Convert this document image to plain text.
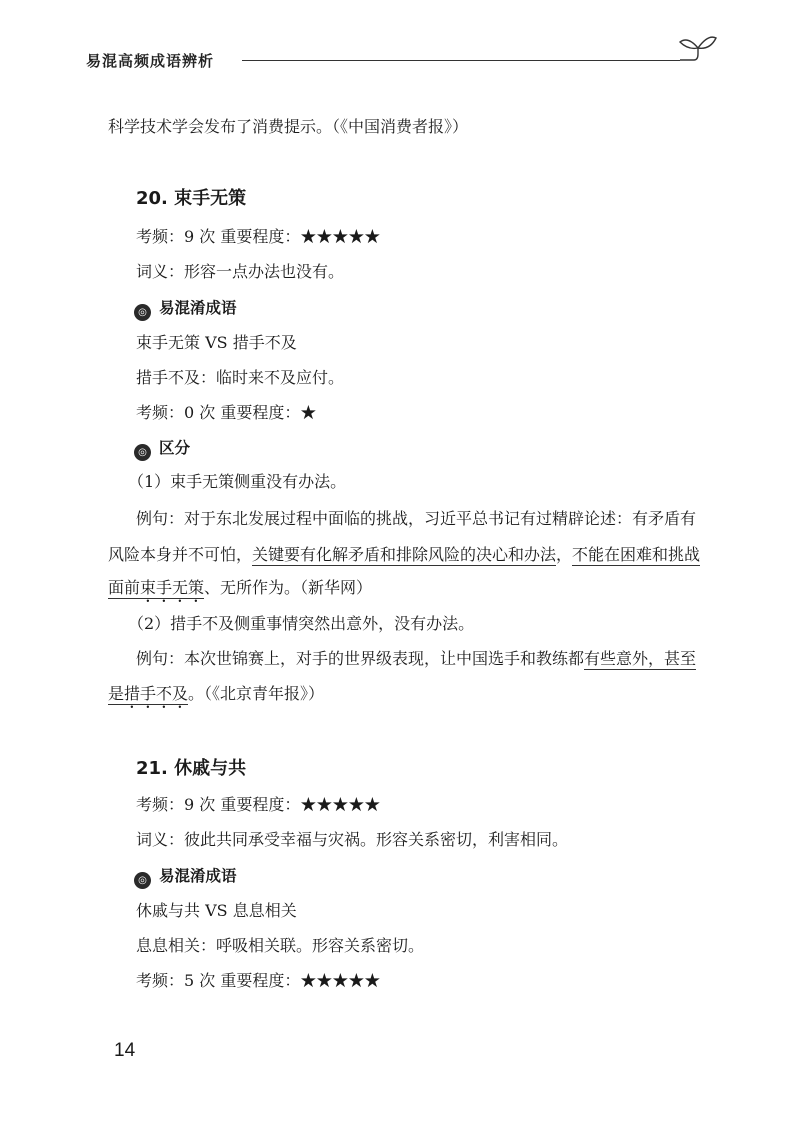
易混高频成语辨析
科学技术学会发布了消费提示。（《中国消费者报》）
20. 束手无策
考频：9 次 重要程度：★★★★★
词义：形容一点办法也没有。
◎ 易混淆成语
束手无策 VS 措手不及
措手不及：临时来不及应付。
考频：0 次 重要程度：★
◎ 区分
（1）束手无策侧重没有办法。
例句：对于东北发展过程中面临的挑战，习近平总书记有过精辟论述：有矛盾有
风险本身并不可怕，关键要有化解矛盾和排除风险的决心和办法，不能在困难和挑战
面前束手无策、无所作为。（新华网）
（2）措手不及侧重事情突然出意外，没有办法。
例句：本次世锦赛上，对手的世界级表现，让中国选手和教练都有些意外，甚至
是措手不及。（《北京青年报》）
21. 休戚与共
考频：9 次 重要程度：★★★★★
词义：彼此共同承受幸福与灾祸。形容关系密切，利害相同。
◎ 易混淆成语
休戚与共 VS 息息相关
息息相关：呼吸相关联。形容关系密切。
考频：5 次 重要程度：★★★★★
14
